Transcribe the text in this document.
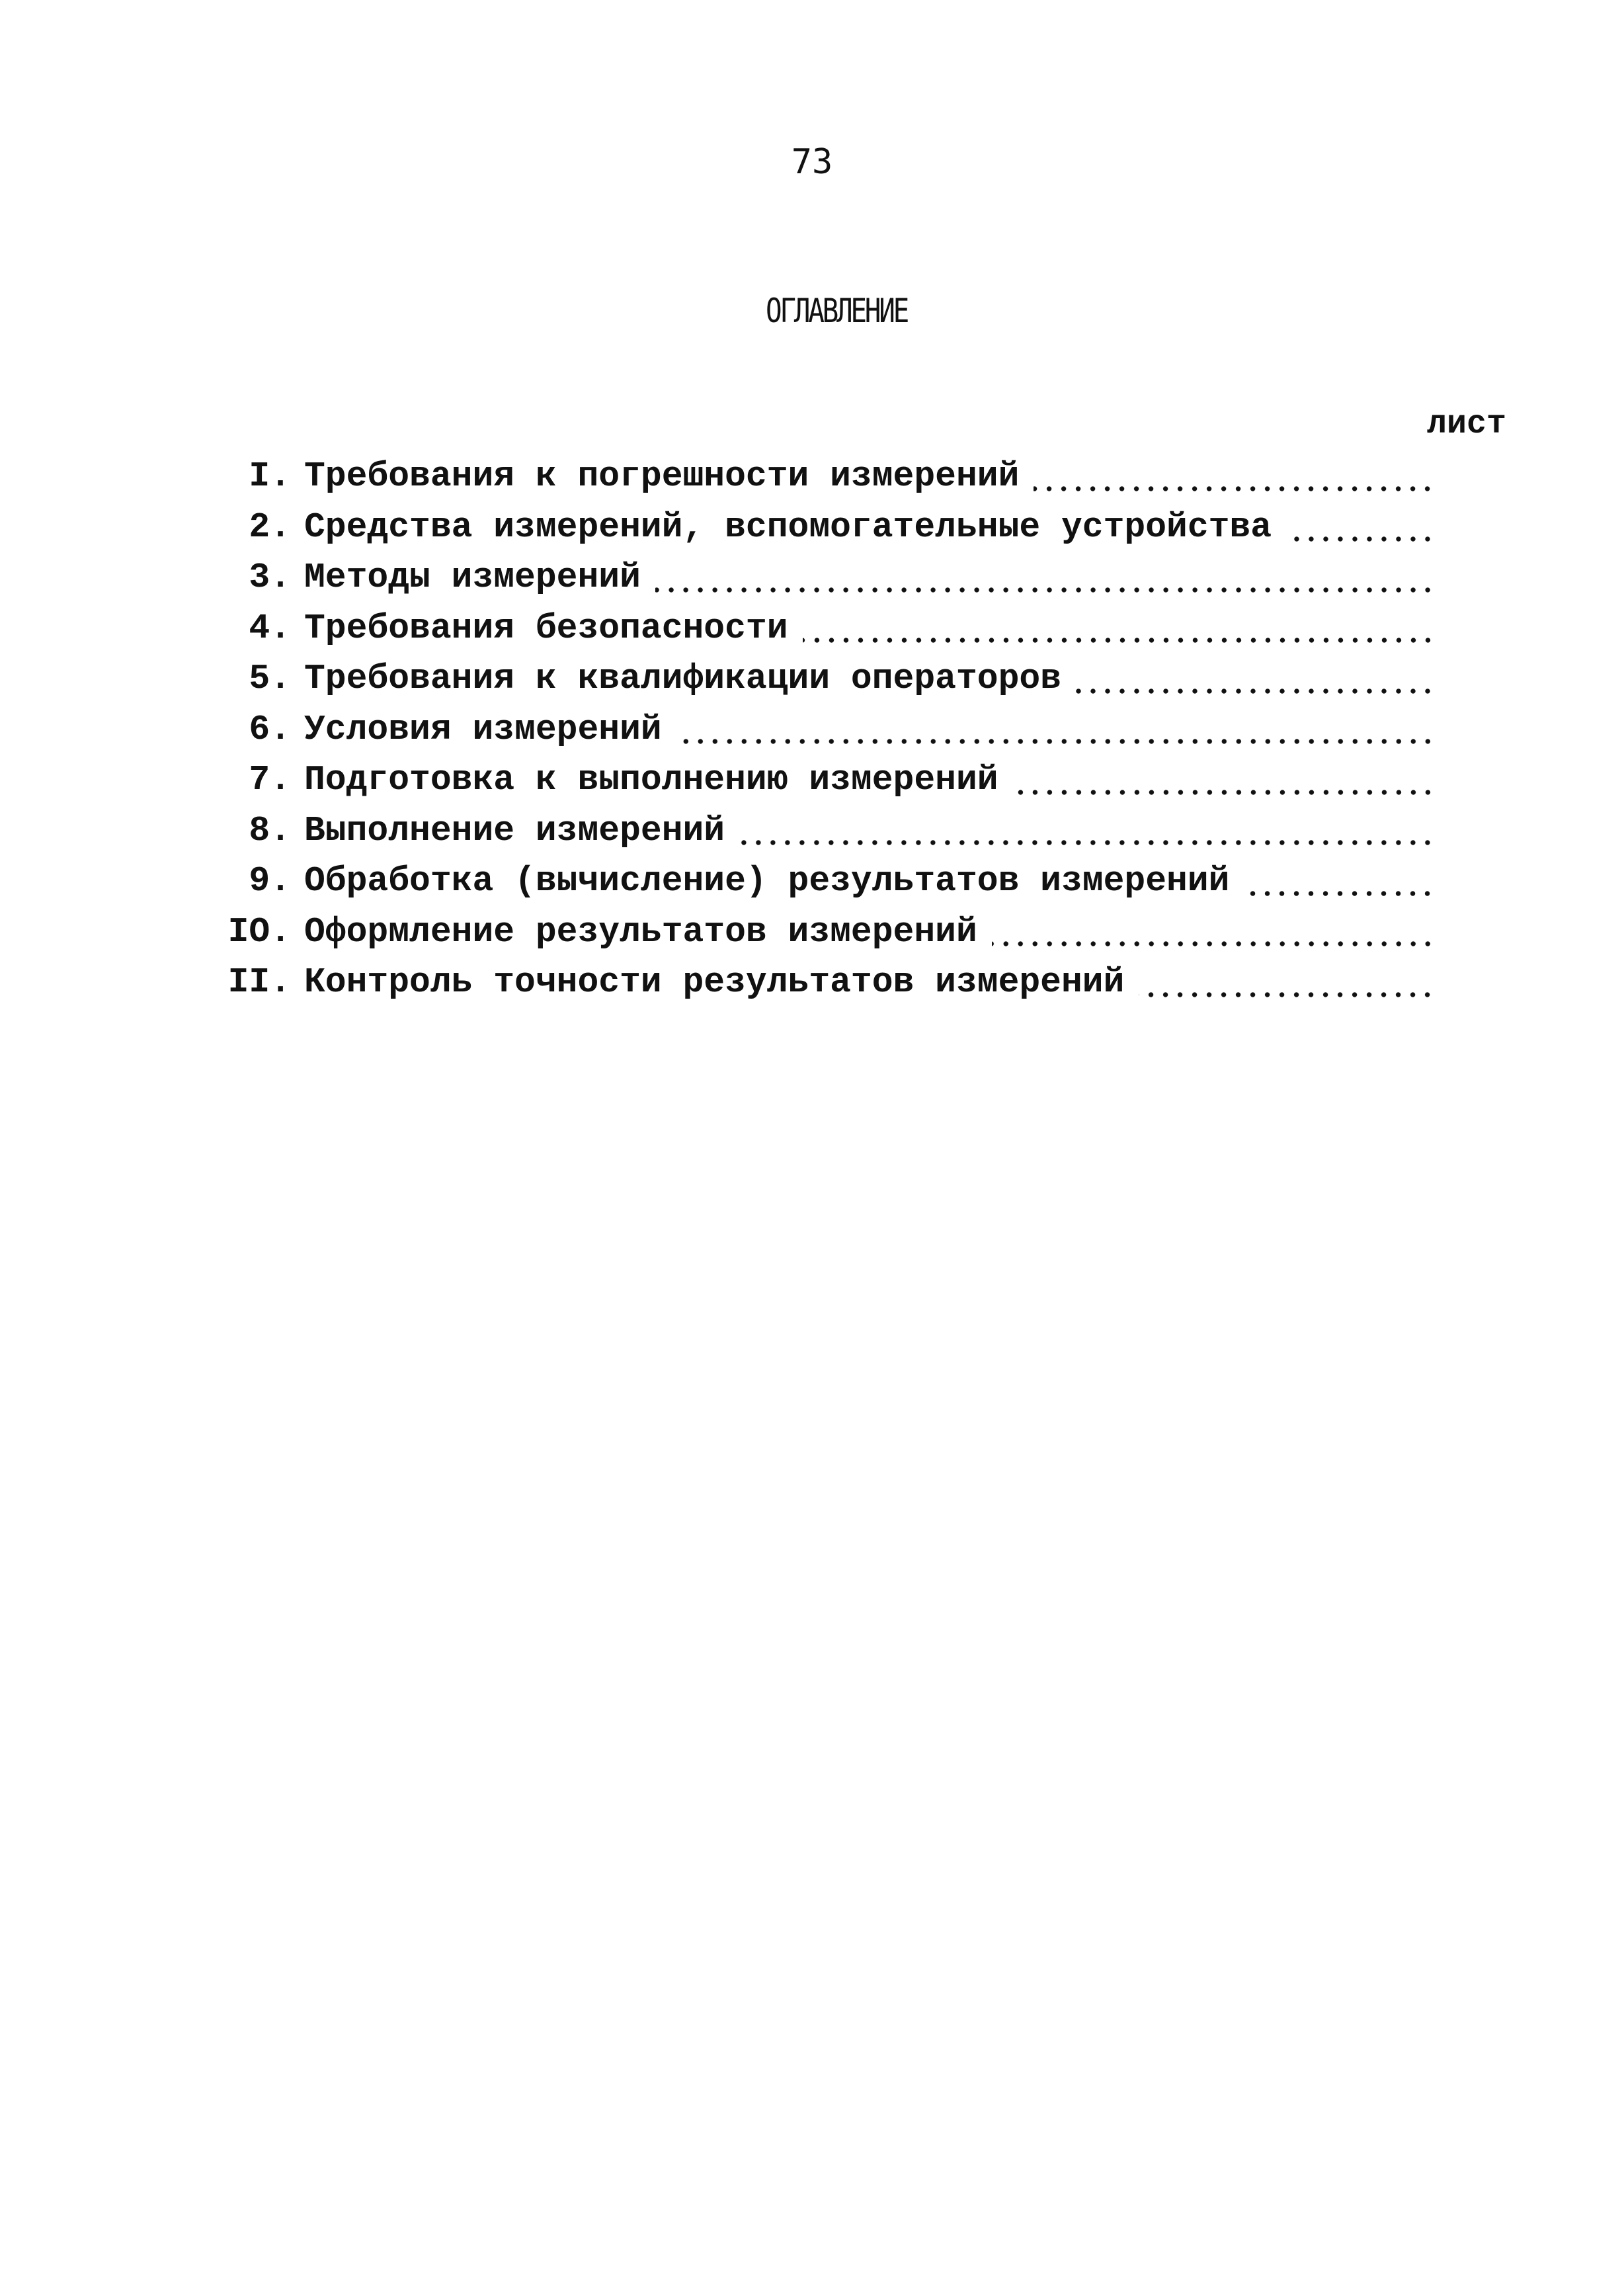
73
ОГЛАВЛЕНИЕ
лист
I. Требования к погрешности измерений
2. Средства измерений, вспомогательные устройства
3. Методы измерений
4. Требования безопасности
5. Требования к квалификации операторов
6. Условия измерений
7. Подготовка к выполнению измерений
8. Выполнение измерений
9. Обработка (вычисление) результатов измерений
IO. Оформление результатов измерений
II. Контроль точности результатов измерений
